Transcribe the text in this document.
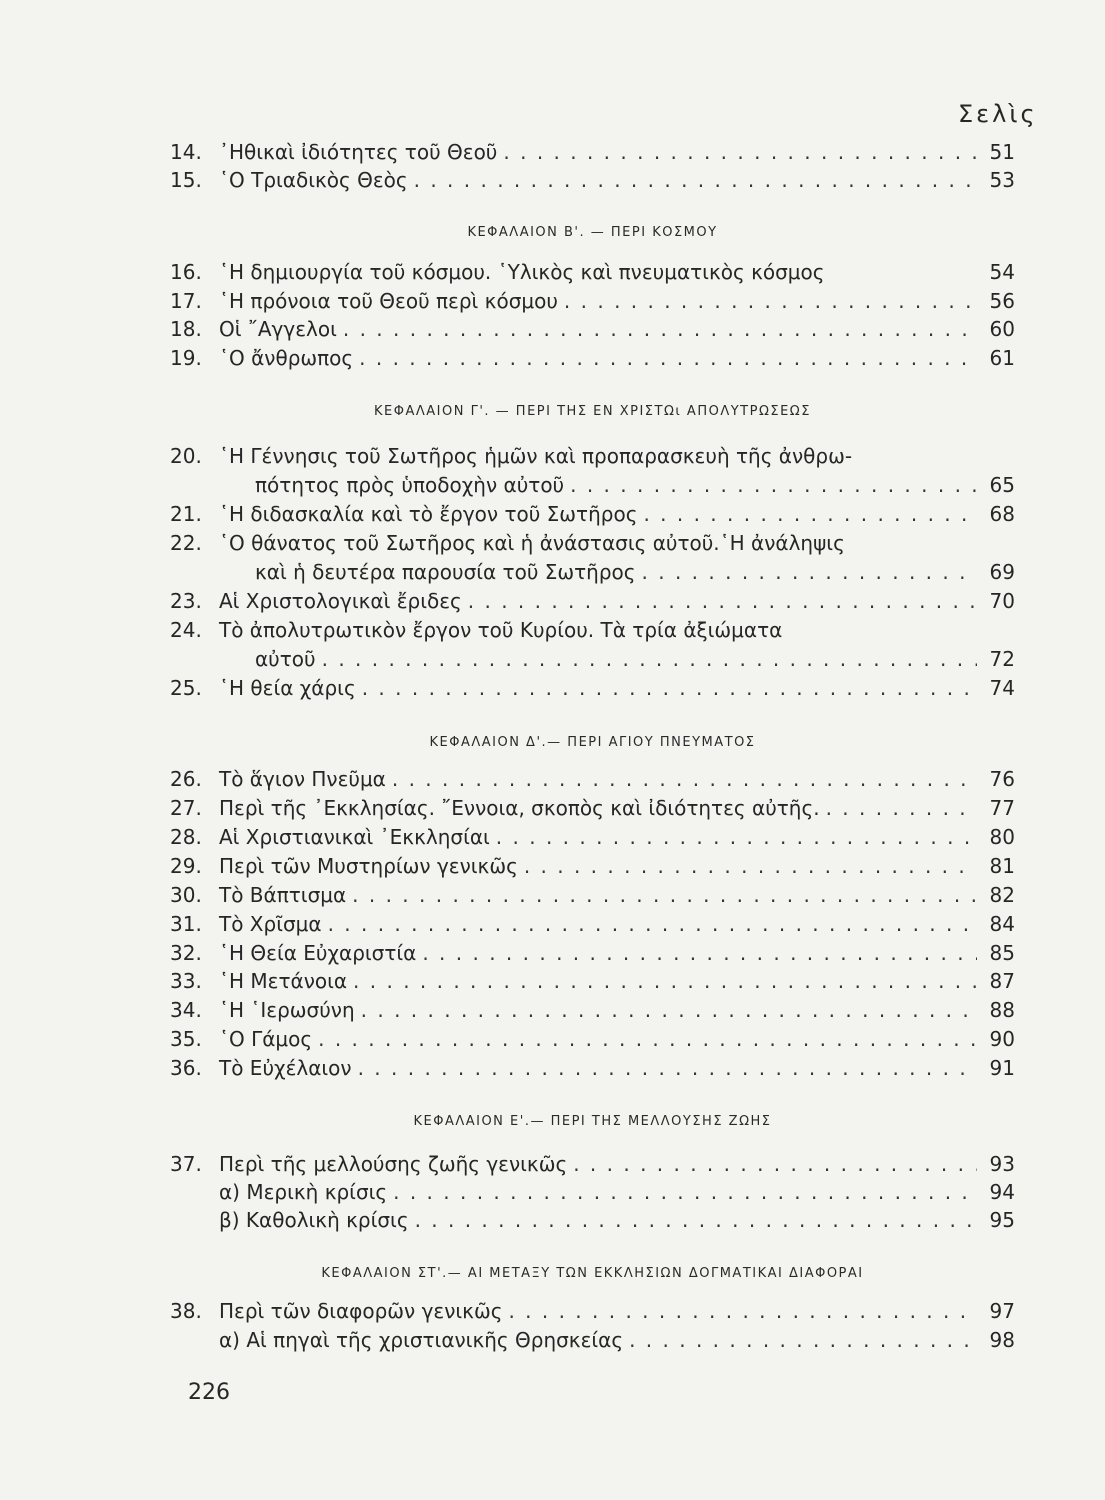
Σελὶς
14. ᾿Ηθικαὶ ἰδιότητες τοῦ Θεοῦ . . .	51
15. ῾Ο Τριαδικὸς Θεὸς . . .	53
ΚΕΦΑΛΑΙΟΝ Β'. — ΠΕΡΙ ΚΟΣΜΟΥ
16. ῾Η δημιουργία τοῦ κόσμου. ῾Υλικὸς καὶ πνευματικὸς κόσμος	54
17. ῾Η πρόνοια τοῦ Θεοῦ περὶ κόσμου . . .	56
18. Οἱ ῎Αγγελοι . . .	60
19. ῾Ο ἄνθρωπος . . .	61
ΚΕΦΑΛΑΙΟΝ Γ'. — ΠΕΡΙ ΤΗΣ ΕΝ ΧΡΙΣΤΩι ΑΠΟΛΥΤΡΩΣΕΩΣ
20. ῾Η Γέννησις τοῦ Σωτῆρος ἡμῶν καὶ προπαρασκευὴ τῆς ἀνθρω-
πότητος πρὸς ὑποδοχὴν αὐτοῦ . . .	65
21. ῾Η διδασκαλία καὶ τὸ ἔργον τοῦ Σωτῆρος . . .	68
22. ῾Ο θάνατος τοῦ Σωτῆρος καὶ ἡ ἀνάστασις αὐτοῦ.῾Η ἀνάληψις
καὶ ἡ δευτέρα παρουσία τοῦ Σωτῆρος . . .	69
23. Αἱ Χριστολογικαὶ ἔριδες . . .	70
24. Τὸ ἀπολυτρωτικὸν ἔργον τοῦ Κυρίου. Τὰ τρία ἀξιώματα
αὐτοῦ . . .	72
25. ῾Η θεία χάρις . . .	74
ΚΕΦΑΛΑΙΟΝ Δ'.— ΠΕΡΙ ΑΓΙΟΥ ΠΝΕΥΜΑΤΟΣ
26. Τὸ ἅγιον Πνεῦμα . . .	76
27. Περὶ τῆς ᾿Εκκλησίας. ῎Εννοια, σκοπὸς καὶ ἰδιότητες αὐτῆς. . . .	77
28. Αἱ Χριστιανικαὶ ᾿Εκκλησίαι . . .	80
29. Περὶ τῶν Μυστηρίων γενικῶς . . .	81
30. Τὸ Βάπτισμα . . .	82
31. Τὸ Χρῖσμα . . .	84
32. ῾Η Θεία Εὐχαριστία . . .	85
33. ῾Η Μετάνοια . . .	87
34. ῾Η ῾Ιερωσύνη . . .	88
35. ῾Ο Γάμος . . .	90
36. Τὸ Εὐχέλαιον . . .	91
ΚΕΦΑΛΑΙΟΝ Ε'.— ΠΕΡΙ ΤΗΣ ΜΕΛΛΟΥΣΗΣ ΖΩΗΣ
37. Περὶ τῆς μελλούσης ζωῆς γενικῶς . . .	93
α) Μερικὴ κρίσις . . .	94
β) Καθολικὴ κρίσις . . .	95
ΚΕΦΑΛΑΙΟΝ ΣΤ'.— ΑΙ ΜΕΤΑΞΥ ΤΩΝ ΕΚΚΛΗΣΙΩΝ ΔΟΓΜΑΤΙΚΑΙ ΔΙΑΦΟΡΑΙ
38. Περὶ τῶν διαφορῶν γενικῶς . . .	97
α) Αἱ πηγαὶ τῆς χριστιανικῆς Θρησκείας . . .	98
226
